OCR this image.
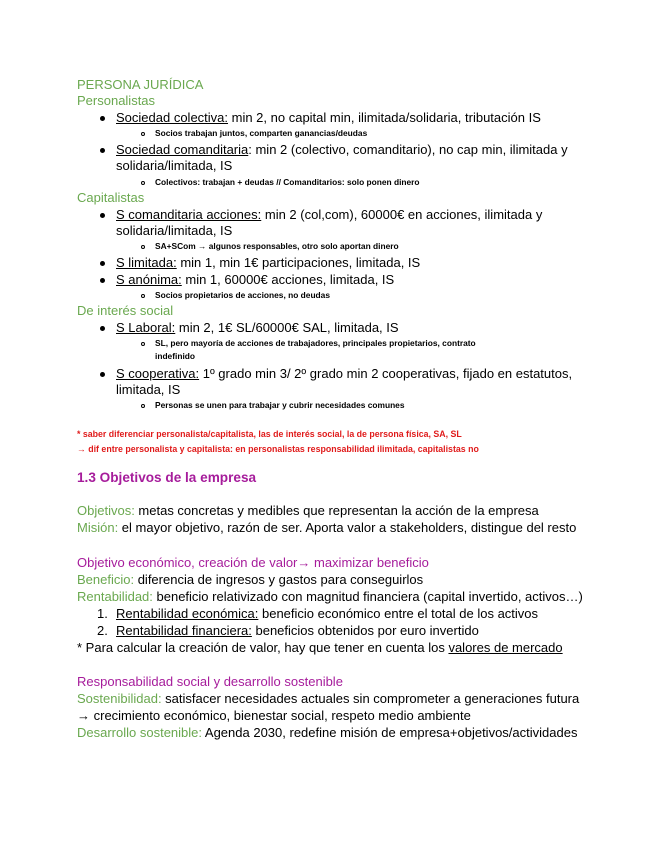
PERSONA JURÍDICA
Personalistas
Sociedad colectiva: min 2, no capital min, ilimitada/solidaria, tributación IS
Socios trabajan juntos, comparten ganancias/deudas
Sociedad comanditaria: min 2 (colectivo, comanditario), no cap min, ilimitada y
solidaria/limitada, IS
Colectivos: trabajan + deudas // Comanditarios: solo ponen dinero
Capitalistas
S comanditaria acciones: min 2 (col,com), 60000€ en acciones, ilimitada y
solidaria/limitada, IS
SA+SCom → algunos responsables, otro solo aportan dinero
S limitada: min 1, min 1€ participaciones, limitada, IS
S anónima: min 1, 60000€ acciones, limitada, IS
Socios propietarios de acciones, no deudas
De interés social
S Laboral: min 2, 1€ SL/60000€ SAL, limitada, IS
SL, pero mayoría de acciones de trabajadores, principales propietarios, contrato
indefinido
S cooperativa: 1º grado min 3/ 2º grado min 2 cooperativas, fijado en estatutos,
limitada, IS
Personas se unen para trabajar y cubrir necesidades comunes
* saber diferenciar personalista/capitalista, las de interés social, la de persona física, SA, SL
→ dif entre personalista y capitalista: en personalistas responsabilidad ilimitada, capitalistas no
1.3 Objetivos de la empresa
Objetivos: metas concretas y medibles que representan la acción de la empresa
Misión: el mayor objetivo, razón de ser. Aporta valor a stakeholders, distingue del resto
Objetivo económico, creación de valor→ maximizar beneficio
Beneficio: diferencia de ingresos y gastos para conseguirlos
Rentabilidad: beneficio relativizado con magnitud financiera (capital invertido, activos…)
1. Rentabilidad económica: beneficio económico entre el total de los activos
2. Rentabilidad financiera: beneficios obtenidos por euro invertido
* Para calcular la creación de valor, hay que tener en cuenta los valores de mercado
Responsabilidad social y desarrollo sostenible
Sostenibilidad: satisfacer necesidades actuales sin comprometer a generaciones futura
→ crecimiento económico, bienestar social, respeto medio ambiente
Desarrollo sostenible: Agenda 2030, redefine misión de empresa+objetivos/actividades
